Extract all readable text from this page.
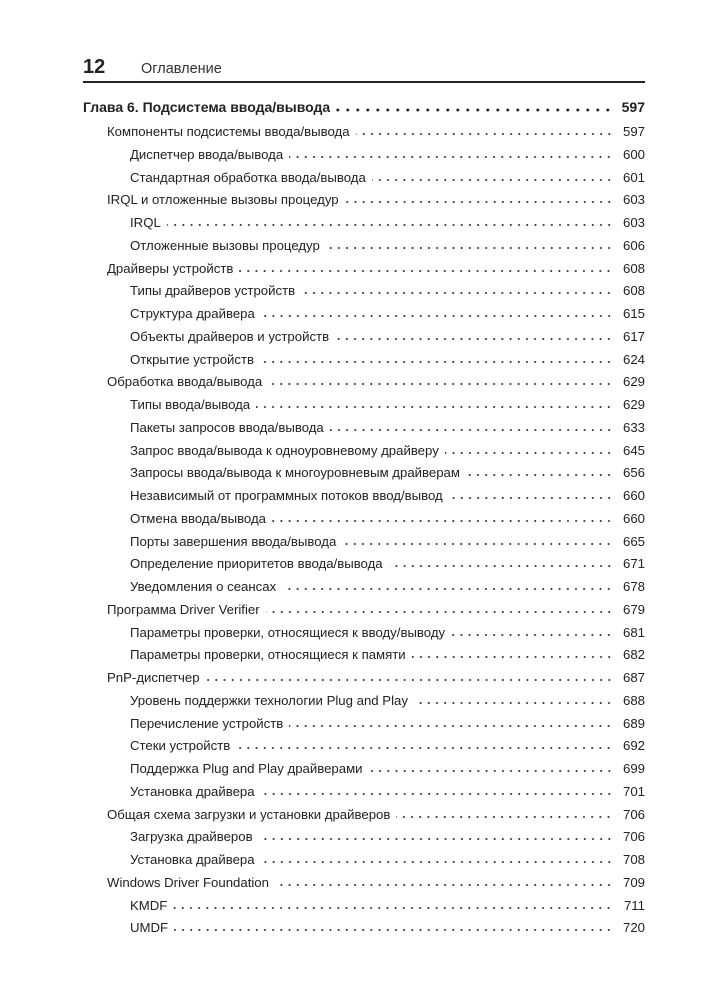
12	Оглавление
Глава 6. Подсистема ввода/вывода	597
Компоненты подсистемы ввода/вывода	597
Диспетчер ввода/вывода	600
Стандартная обработка ввода/вывода	601
IRQL и отложенные вызовы процедур	603
IRQL	603
Отложенные вызовы процедур	606
Драйверы устройств	608
Типы драйверов устройств	608
Структура драйвера	615
Объекты драйверов и устройств	617
Открытие устройств	624
Обработка ввода/вывода	629
Типы ввода/вывода	629
Пакеты запросов ввода/вывода	633
Запрос ввода/вывода к одноуровневому драйверу	645
Запросы ввода/вывода к многоуровневым драйверам	656
Независимый от программных потоков ввод/вывод	660
Отмена ввода/вывода	660
Порты завершения ввода/вывода	665
Определение приоритетов ввода/вывода	671
Уведомления о сеансах	678
Программа Driver Verifier	679
Параметры проверки, относящиеся к вводу/выводу	681
Параметры проверки, относящиеся к памяти	682
PnP-диспетчер	687
Уровень поддержки технологии Plug and Play	688
Перечисление устройств	689
Стеки устройств	692
Поддержка Plug and Play драйверами	699
Установка драйвера	701
Общая схема загрузки и установки драйверов	706
Загрузка драйверов	706
Установка драйвера	708
Windows Driver Foundation	709
KMDF	711
UMDF	720
